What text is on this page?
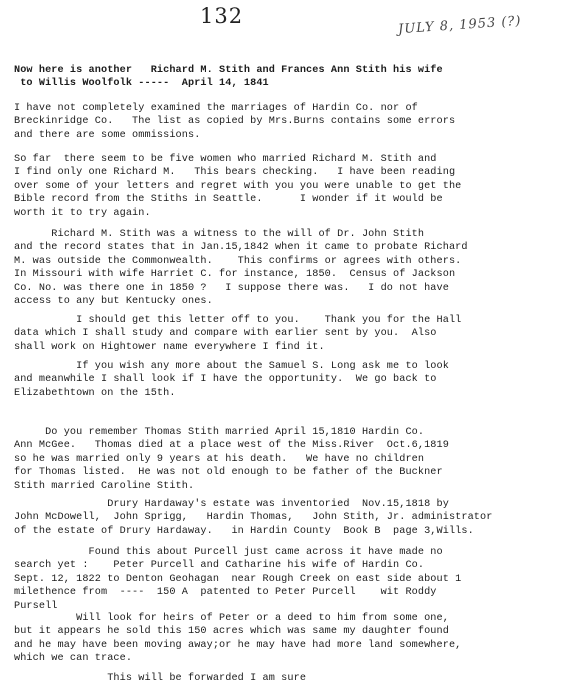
132	JULY 8, 1953 (?)
Now here is another   Richard M. Stith and Frances Ann Stith his wife
to Willis Woolfolk -----  April 14, 1841
I have not completely examined the marriages of Hardin Co. nor of
Breckinridge Co.   The list as copied by Mrs.Burns contains some errors
and there are some ommissions.
So far  there seem to be five women who married Richard M. Stith and
I find only one Richard M.   This bears checking.   I have been reading
over some of your letters and regret with you you were unable to get the
Bible record from the Stiths in Seattle.      I wonder if it would be
worth it to try again.
Richard M. Stith was a witness to the will of Dr. John Stith
and the record states that in Jan.15,1842 when it came to probate Richard
M. was outside the Commonwealth.    This confirms or agrees with others.
In Missouri with wife Harriet C. for instance, 1850.  Census of Jackson
Co. No. was there one in 1850 ?   I suppose there was.   I do not have
access to any but Kentucky ones.
I should get this letter off to you.    Thank you for the Hall
data which I shall study and compare with earlier sent by you.  Also
shall work on Hightower name everywhere I find it.
If you wish any more about the Samuel S. Long ask me to look
and meanwhile I shall look if I have the opportunity.  We go back to
Elizabethtown on the 15th.
Do you remember Thomas Stith married April 15,1810 Hardin Co.
Ann McGee.   Thomas died at a place west of the Miss.River  Oct.6,1819
so he was married only 9 years at his death.   We have no children
for Thomas listed.  He was not old enough to be father of the Buckner
Stith married Caroline Stith.
Drury Hardaway's estate was inventoried  Nov.15,1818 by
John McDowell,  John Sprigg,   Hardin Thomas,   John Stith, Jr. administrator
of the estate of Drury Hardaway.   in Hardin County  Book B  page 3,Wills.
Found this about Purcell just came across it have made no
search yet :    Peter Purcell and Catharine his wife of Hardin Co.
Sept. 12, 1822 to Denton Geohagan  near Rough Creek on east side about 1
milethence from  ----  150 A  patented to Peter Purcell    wit Roddy
Pursell
Will look for heirs of Peter or a deed to him from some one,
but it appears he sold this 150 acres which was same my daughter found
and he may have been moving away;or he may have had more land somewhere,
which we can trace.
This will be forwarded I am sure
